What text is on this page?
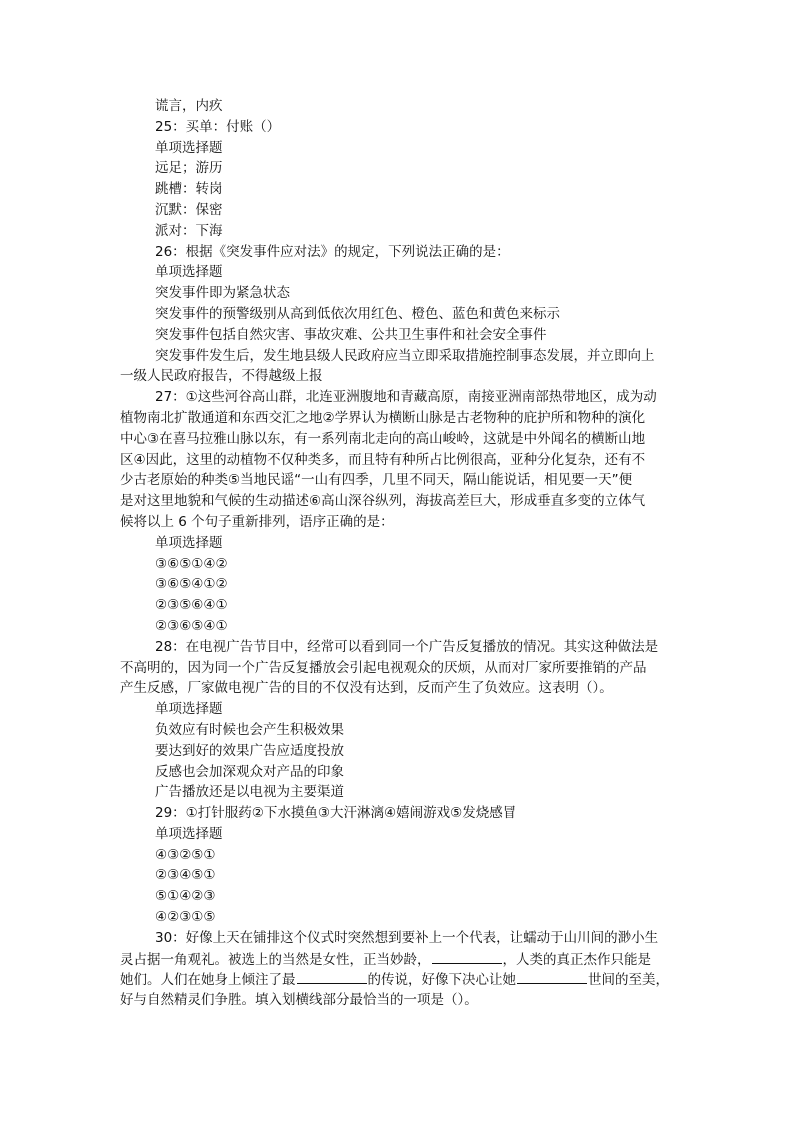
谎言，内疚
25：买单：付账（）
单项选择题
远足；游历
跳槽：转岗
沉默：保密
派对：下海
26：根据《突发事件应对法》的规定，下列说法正确的是：
单项选择题
突发事件即为紧急状态
突发事件的预警级别从高到低依次用红色、橙色、蓝色和黄色来标示
突发事件包括自然灾害、事故灾难、公共卫生事件和社会安全事件
突发事件发生后，发生地县级人民政府应当立即采取措施控制事态发展，并立即向上
一级人民政府报告，不得越级上报
27：①这些河谷高山群，北连亚洲腹地和青藏高原，南接亚洲南部热带地区，成为动
植物南北扩散通道和东西交汇之地②学界认为横断山脉是古老物种的庇护所和物种的演化
中心③在喜马拉雅山脉以东，有一系列南北走向的高山峻岭，这就是中外闻名的横断山地
区④因此，这里的动植物不仅种类多，而且特有种所占比例很高，亚种分化复杂，还有不
少古老原始的种类⑤当地民谣“一山有四季，几里不同天，隔山能说话，相见要一天”便
是对这里地貌和气候的生动描述⑥高山深谷纵列，海拔高差巨大，形成垂直多变的立体气
候将以上 6 个句子重新排列，语序正确的是：
单项选择题
③⑥⑤①④②
③⑥⑤④①②
②③⑤⑥④①
②③⑥⑤④①
28：在电视广告节目中，经常可以看到同一个广告反复播放的情况。其实这种做法是
不高明的，因为同一个广告反复播放会引起电视观众的厌烦，从而对厂家所要推销的产品
产生反感，厂家做电视广告的目的不仅没有达到，反而产生了负效应。这表明（）。
单项选择题
负效应有时候也会产生积极效果
要达到好的效果广告应适度投放
反感也会加深观众对产品的印象
广告播放还是以电视为主要渠道
29：①打针服药②下水摸鱼③大汗淋漓④嬉闹游戏⑤发烧感冒
单项选择题
④③②⑤①
②③④⑤①
⑤①④②③
④②③①⑤
30：好像上天在铺排这个仪式时突然想到要补上一个代表，让蠕动于山川间的渺小生
灵占据一角观礼。被选上的当然是女性，正当妙龄，	，人类的真正杰作只能是
她们。人们在她身上倾注了最	的传说，好像下决心让她	世间的至美，
好与自然精灵们争胜。填入划横线部分最恰当的一项是（）。
